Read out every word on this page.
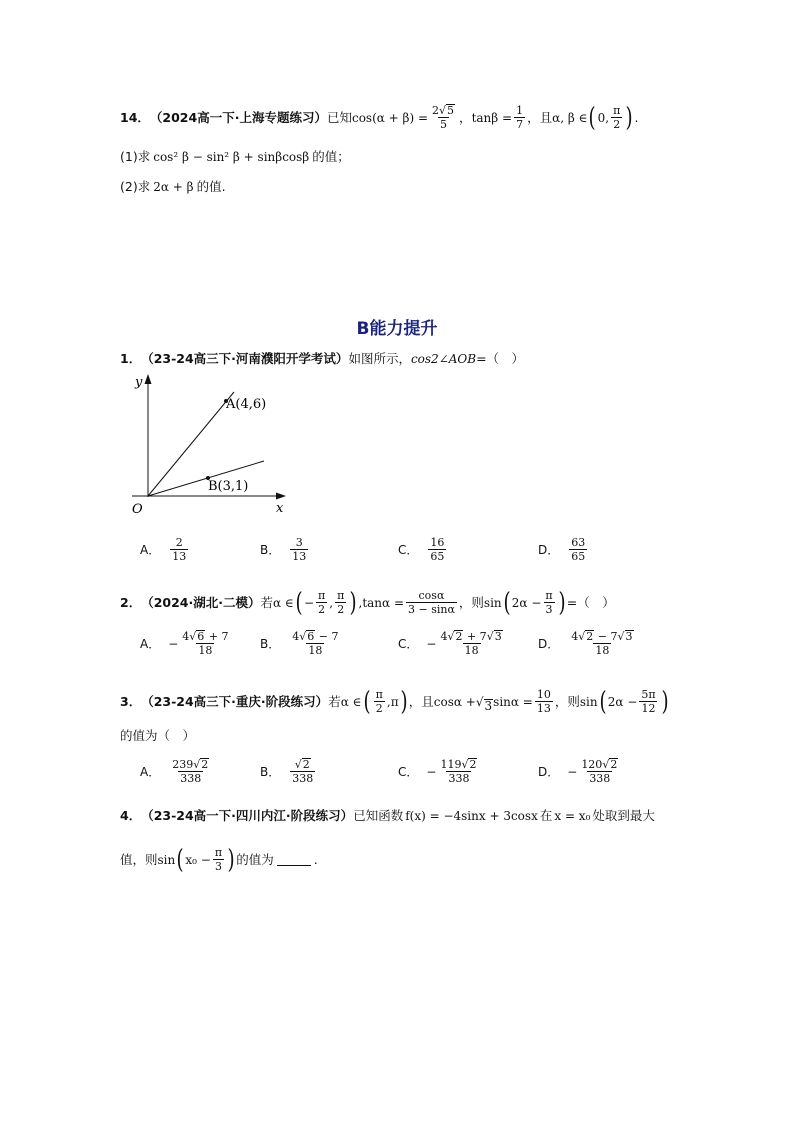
14． （2024高一下·上海专题练习） 已知 $\cos(\alpha + \beta) = \frac{2√ 5}{5}$ ， $\tan\beta = \frac{1}{7}$ ，且 α, β ∈ ( 0, $\frac{\pi}{2}$ ) .
(1)求 cos² β − sin² β + sinβcosβ 的值；
(2)求 2α + β 的值.
B能力提升
1． （23-24高三下·河南濮阳开学考试） 如图所示， cos2∠AOB =（　）
y
x
O
A(4,6)
B(3,1)
A． $\frac{2}{13}$	B． $\frac{3}{13}$	C． $\frac{16}{65}$	D． $\frac{63}{65}$
2． （2024·湖北·二模） 若 α ∈ ( − $\frac{\pi}{2}$ , $\frac{\pi}{2}$ ) $,\tan\alpha = \frac{\cos\alpha}{3 - \sin\alpha}$ ，则 sin ( $2\alpha - \frac{\pi}{3}$ ) =（　）
A． − $\frac{4√ 6 + 7}{18}$ B． $\frac{4√ 6 - 7}{18}$	C． − $\frac{4√ 2 + 7√ 3}{18}$	D． $\frac{4√ 2 - 7√ 3}{18}$
3． （23-24高三下·重庆·阶段练习） 若 α ∈ ( $\frac{\pi}{2} ,\pi$ ) ，且 cosα + √ 3 $\sin\alpha = \frac{10}{13}$ ，则 sin ( $2\alpha - \frac{5\pi}{12}$ )
的值为（　）
A． $\frac{239√ 2}{338}$	B． $\frac{√ 2}{338}$	C． − $\frac{119√ 2}{338}$	D． − $\frac{120√ 2}{338}$
4． （23-24高一下·四川内江·阶段练习） 已知函数 f(x) = −4sinx + 3cosx 在 x = x₀ 处取到最大
值，则 sin ( $x_0 - \frac{\pi}{3}$ ) 的值为	.
